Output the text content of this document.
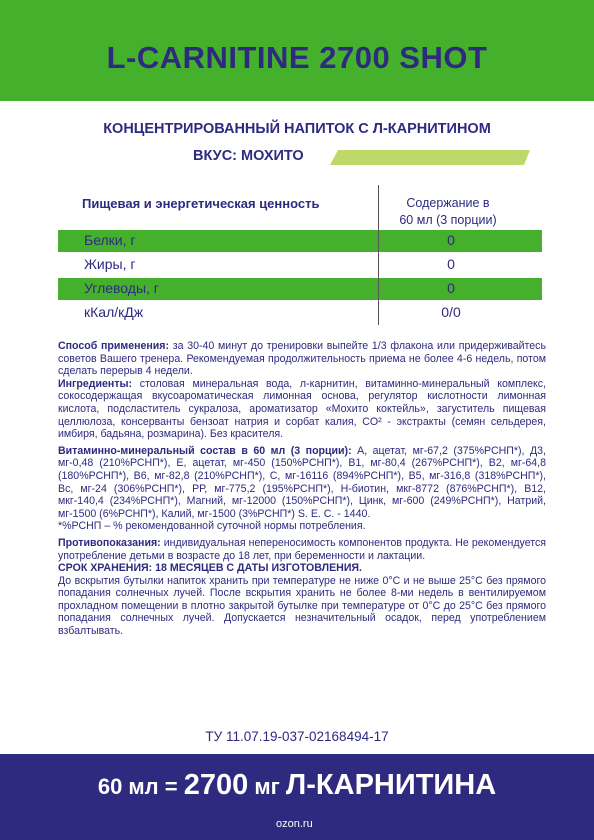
L-CARNITINE 2700 SHOT
КОНЦЕНТРИРОВАННЫЙ НАПИТОК С Л-КАРНИТИНОМ
ВКУС: МОХИТО
Пищевая и энергетическая ценность	Содержание в
60 мл (3 порции)
Белки, г	0
Жиры, г	0
Углеводы, г	0
кКал/кДж	0/0

Способ применения: за 30-40 минут до тренировки выпейте 1/3 флакона или придерживайтесь советов Вашего тренера. Рекомендуемая продолжительность приема не более 4-6 недель, потом сделать перерыв 4 недели.

Ингредиенты: столовая минеральная вода, л-карнитин, витаминно-минеральный комплекс, сокосодержащая вкусоароматическая лимонная основа, регулятор кислотности лимонная кислота, подсластитель сукралоза, ароматизатор «Мохито коктейль», загуститель пищевая целлюлоза, консерванты бензоат натрия и сорбат калия, CO² - экстракты (семян сельдерея, имбиря, бадьяна, розмарина). Без красителя.

Витаминно-минеральный состав в 60 мл (3 порции): А, ацетат, мг-67,2 (375%РСНП*), Д3, мг-0,48 (210%РСНП*), Е, ацетат, мг-450 (150%РСНП*), В1, мг-80,4 (267%РСНП*), В2, мг-64,8 (180%РСНП*), В6, мг-82,8 (210%РСНП*), С, мг-16116 (894%РСНП*), В5, мг-316,8 (318%РСНП*), Вс, мг-24 (306%РСНП*), РР, мг-775,2 (195%РСНП*), Н-биотин, мкг-8772 (876%РСНП*), В12, мкг-140,4 (234%РСНП*), Магний, мг-12000 (150%РСНП*), Цинк, мг-600 (249%РСНП*), Натрий, мг-1500 (6%РСНП*), Калий, мг-1500 (3%РСНП*) S. E. C. - 1440.

*%РСНП – % рекомендованной суточной нормы потребления.

Противопоказания: индивидуальная непереносимость компонентов продукта. Не рекомендуется употребление детьми в возрасте до 18 лет, при беременности и лактации.

СРОК ХРАНЕНИЯ: 18 МЕСЯЦЕВ С ДАТЫ ИЗГОТОВЛЕНИЯ.

До вскрытия бутылки напиток хранить при температуре не ниже 0°С и не выше 25°С без прямого попадания солнечных лучей. После вскрытия хранить не более 8-ми недель в вентилируемом прохладном помещении в плотно закрытой бутылке при температуре от 0°С до 25°С без прямого попадания солнечных лучей. Допускается незначительный осадок, перед употреблением взбалтывать.

ТУ 11.07.19-037-02168494-17
60 мл = 2700 мг Л-КАРНИТИНА
ozon.ru
